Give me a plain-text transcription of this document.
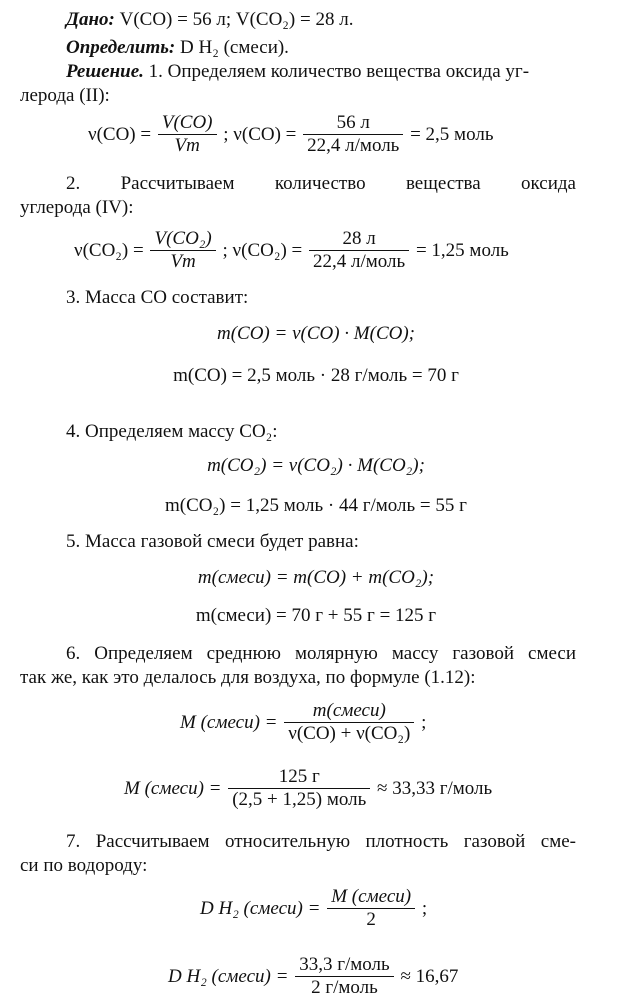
Дано: V(CO) = 56 л; V(CO₂) = 28 л.
Определить: D H₂ (смеси).
Решение. 1. Определяем количество вещества оксида уг-
лерода (II):
$\nu(CO) = \frac{V(CO)}{Vm}$ ; $\nu(CO) = \frac{56 л}{\text{22,4 л/моль}} = 2,5$ моль
2. Рассчитываем количество вещества оксида
углерода (IV):
$\nu(CO_2) = \frac{\text{V(CO₂)}}{Vm}$ ; $\nu(CO_2) = \frac{28 л}{\text{22,4 л/моль}} = 1,25$ моль
3. Масса CO составит:
m(CO) = ν(CO) · M(CO);
m(CO) = 2,5 моль · 28 г/моль = 70 г
4. Определяем массу CO₂:
m(CO₂) = ν(CO₂) · M(CO₂);
m(CO₂) = 1,25 моль · 44 г/моль = 55 г
5. Масса газовой смеси будет равна:
m(смеси) = m(CO) + m(CO₂);
m(смеси) = 70 г + 55 г = 125 г
6. Определяем среднюю молярную массу газовой смеси
так же, как это делалось для воздуха, по формуле (1.12):
M (смеси) = $\frac{\text{m(смеси)}}{\text{ν(CO) + ν(CO₂)}}$ ;
M (смеси) = $\frac{125 г}{\text{(2,5 + 1,25) моль}} \approx 33,33$ г/моль
7. Рассчитываем относительную плотность газовой сме-
си по водороду:
D H₂ (смеси) = $\frac{\text{M (смеси)}}{2}$ ;
D H₂ (смеси) = $\frac{\text{33,3 г/моль}}{\text{2 г/моль}} \approx 16,67$
